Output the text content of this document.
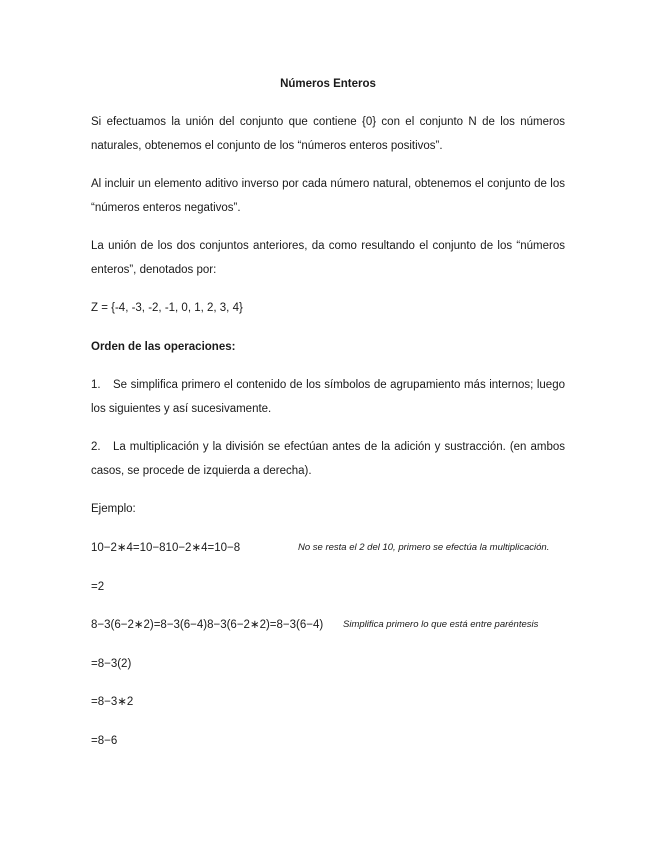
Números Enteros
Si efectuamos la unión del conjunto que contiene {0} con el conjunto N de los números naturales, obtenemos el conjunto de los “números enteros positivos”.
Al incluir un elemento aditivo inverso por cada número natural, obtenemos el conjunto de los “números enteros negativos”.
La unión de los dos conjuntos anteriores, da como resultando el conjunto de los “números enteros”, denotados por:
Z = {-4, -3, -2, -1, 0, 1, 2, 3, 4}
Orden de las operaciones:
1. Se simplifica primero el contenido de los símbolos de agrupamiento más internos; luego los siguientes y así sucesivamente.
2. La multiplicación y la división se efectúan antes de la adición y sustracción. (en ambos casos, se procede de izquierda a derecha).
Ejemplo:
10−2∗4=10−810−2∗4=10−8	No se resta el 2 del 10, primero se efectúa la multiplicación.
=2
8−3(6−2∗2)=8−3(6−4)8−3(6−2∗2)=8−3(6−4) Simplifica primero lo que está entre paréntesis
=8−3(2)
=8−3∗2
=8−6
